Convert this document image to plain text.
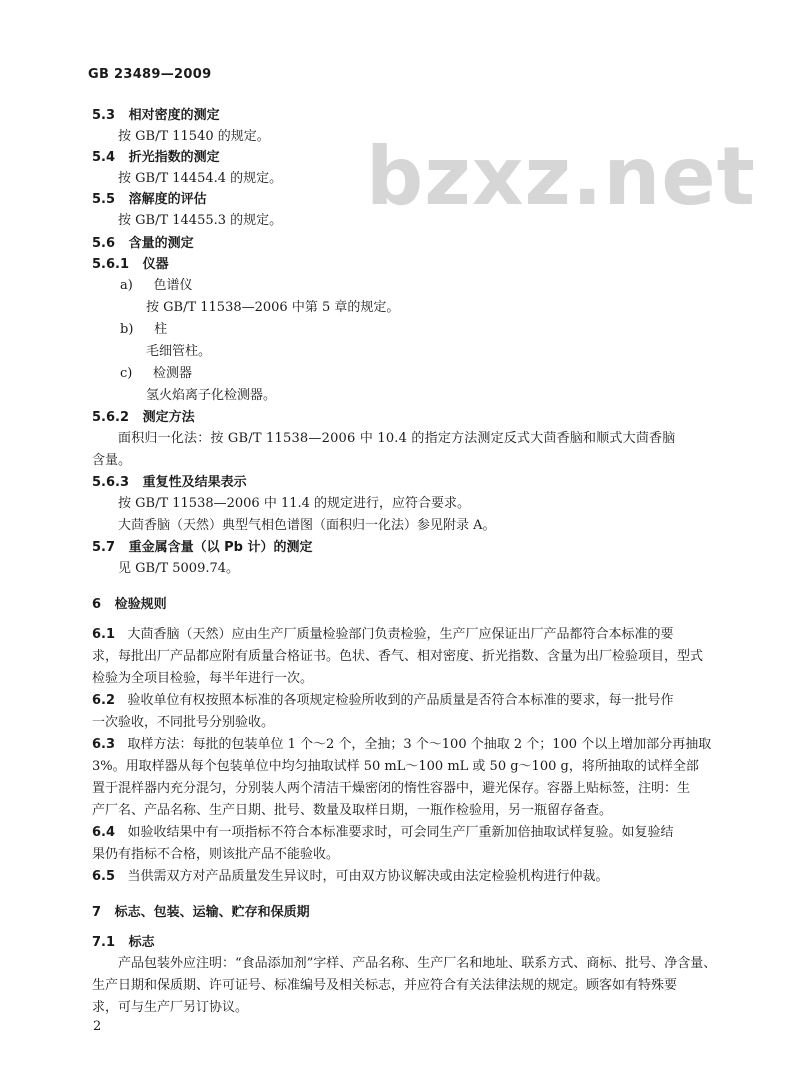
bzxz.net
GB 23489—2009
5.3 相对密度的测定
按 GB/T 11540 的规定。
5.4 折光指数的测定
按 GB/T 14454.4 的规定。
5.5 溶解度的评估
按 GB/T 14455.3 的规定。
5.6 含量的测定
5.6.1 仪器
a) 色谱仪
按 GB/T 11538—2006 中第 5 章的规定。
b) 柱
毛细管柱。
c) 检测器
氢火焰离子化检测器。
5.6.2 测定方法
面积归一化法：按 GB/T 11538—2006 中 10.4 的指定方法测定反式大茴香脑和顺式大茴香脑
含量。
5.6.3 重复性及结果表示
按 GB/T 11538—2006 中 11.4 的规定进行，应符合要求。
大茴香脑（天然）典型气相色谱图（面积归一化法）参见附录 A。
5.7 重金属含量（以 Pb 计）的测定
见 GB/T 5009.74。
6 检验规则
6.1 大茴香脑（天然）应由生产厂质量检验部门负责检验，生产厂应保证出厂产品都符合本标准的要
求，每批出厂产品都应附有质量合格证书。色状、香气、相对密度、折光指数、含量为出厂检验项目，型式
检验为全项目检验，每半年进行一次。
6.2 验收单位有权按照本标准的各项规定检验所收到的产品质量是否符合本标准的要求，每一批号作
一次验收，不同批号分别验收。
6.3 取样方法：每批的包装单位 1 个～2 个，全抽；3 个～100 个抽取 2 个；100 个以上增加部分再抽取
3%。用取样器从每个包装单位中均匀抽取试样 50 mL～100 mL 或 50 g～100 g，将所抽取的试样全部
置于混样器内充分混匀，分别装人两个清洁干燥密闭的惰性容器中，避光保存。容器上贴标签，注明：生
产厂名、产品名称、生产日期、批号、数量及取样日期，一瓶作检验用，另一瓶留存备查。
6.4 如验收结果中有一项指标不符合本标准要求时，可会同生产厂重新加倍抽取试样复验。如复验结
果仍有指标不合格，则该批产品不能验收。
6.5 当供需双方对产品质量发生异议时，可由双方协议解决或由法定检验机构进行仲裁。
7 标志、包装、运输、贮存和保质期
7.1 标志
产品包装外应注明：“食品添加剂”字样、产品名称、生产厂名和地址、联系方式、商标、批号、净含量、
生产日期和保质期、许可证号、标准编号及相关标志，并应符合有关法律法规的规定。顾客如有特殊要
求，可与生产厂另订协议。
2
